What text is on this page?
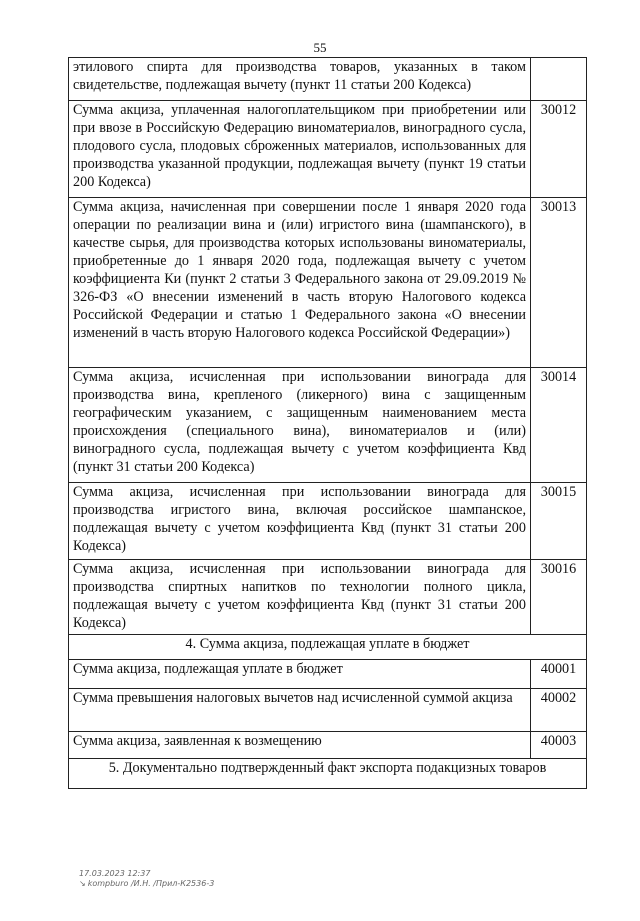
55
этилового спирта для производства товаров, указанных в таком свидетельстве, подлежащая вычету (пункт 11 статьи 200 Кодекса)	
Сумма акциза, уплаченная налогоплательщиком при приобретении или при ввозе в Российскую Федерацию виноматериалов, виноградного сусла, плодового сусла, плодовых сброженных материалов, использованных для производства указанной продукции, подлежащая вычету (пункт 19 статьи 200 Кодекса)	30012
Сумма акциза, начисленная при совершении после 1 января 2020 года операции по реализации вина и (или) игристого вина (шампанского), в качестве сырья, для производства которых использованы виноматериалы, приобретенные до 1 января 2020 года, подлежащая вычету с учетом коэффициента Ки (пункт 2 статьи 3 Федерального закона от 29.09.2019 № 326-ФЗ «О внесении изменений в часть вторую Налогового кодекса Российской Федерации и статью 1 Федерального закона «О внесении изменений в часть вторую Налогового кодекса Российской Федерации»)	30013
Сумма акциза, исчисленная при использовании винограда для производства вина, крепленого (ликерного) вина с защищенным географическим указанием, с защищенным наименованием места происхождения (специального вина), виноматериалов и (или) виноградного сусла, подлежащая вычету с учетом коэффициента Квд (пункт 31 статьи 200 Кодекса)	30014
Сумма акциза, исчисленная при использовании винограда для производства игристого вина, включая российское шампанское, подлежащая вычету с учетом коэффициента Квд (пункт 31 статьи 200 Кодекса)	30015
Сумма акциза, исчисленная при использовании винограда для производства спиртных напитков по технологии полного цикла, подлежащая вычету с учетом коэффициента Квд (пункт 31 статьи 200 Кодекса)	30016
4. Сумма акциза, подлежащая уплате в бюджет	
Сумма акциза, подлежащая уплате в бюджет	40001
Сумма превышения налоговых вычетов над исчисленной суммой акциза	40002
Сумма акциза, заявленная к возмещению	40003
5. Документально подтвержденный факт экспорта подакцизных товаров	
17.03.2023 12:37
↘ kompburo /И.Н. /Прил-К2536-3
